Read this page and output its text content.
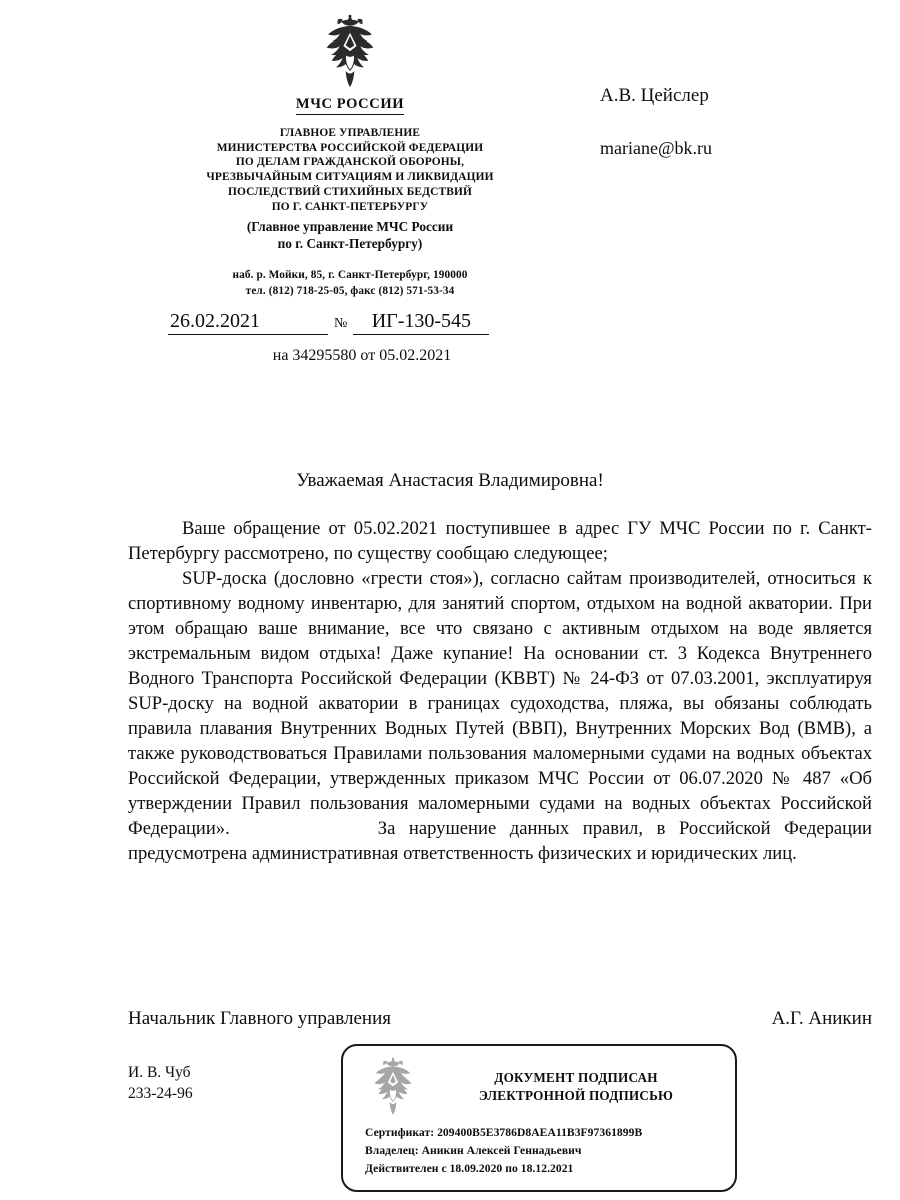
МЧС РОССИИ
ГЛАВНОЕ УПРАВЛЕНИЕ
МИНИСТЕРСТВА РОССИЙСКОЙ ФЕДЕРАЦИИ
ПО ДЕЛАМ ГРАЖДАНСКОЙ ОБОРОНЫ,
ЧРЕЗВЫЧАЙНЫМ СИТУАЦИЯМ И ЛИКВИДАЦИИ
ПОСЛЕДСТВИЙ СТИХИЙНЫХ БЕДСТВИЙ
ПО Г. САНКТ-ПЕТЕРБУРГУ
(Главное управление МЧС России
по г. Санкт-Петербургу)
наб. р. Мойки, 85, г. Санкт-Петербург, 190000
тел. (812) 718-25-05, факс (812) 571-53-34
26.02.2021	№	ИГ-130-545
на 34295580 от 05.02.2021
А.В. Цейслер
mariane@bk.ru
Уважаемая Анастасия Владимировна!

Ваше обращение от 05.02.2021 поступившее в адрес ГУ МЧС России по г. Санкт-Петербургу рассмотрено, по существу сообщаю следующее;

SUP-доска (дословно «грести стоя»), согласно сайтам производителей, относиться к спортивному водному инвентарю, для занятий спортом, отдыхом на водной акватории. При этом обращаю ваше внимание, все что связано с активным отдыхом на воде является экстремальным видом отдыха! Даже купание! На основании ст. 3 Кодекса Внутреннего Водного Транспорта Российской Федерации (КВВТ) № 24-ФЗ от 07.03.2001, эксплуатируя SUP-доску на водной акватории в границах судоходства, пляжа, вы обязаны соблюдать правила плавания Внутренних Водных Путей (ВВП), Внутренних Морских Вод (ВМВ), а также руководствоваться Правилами пользования маломерными судами на водных объектах Российской Федерации, утвержденных приказом МЧС России от 06.07.2020 № 487 «Об утверждении Правил пользования маломерными судами на водных объектах Российской Федерации».	За нарушение данных правил, в Российской Федерации предусмотрена административная ответственность физических и юридических лиц.

Начальник Главного управления	А.Г. Аникин
И. В. Чуб
233-24-96
ДОКУМЕНТ ПОДПИСАН
ЭЛЕКТРОННОЙ ПОДПИСЬЮ
Сертификат: 209400B5E3786D8AEA11B3F97361899B
Владелец: Аникин Алексей Геннадьевич
Действителен с 18.09.2020 по 18.12.2021
